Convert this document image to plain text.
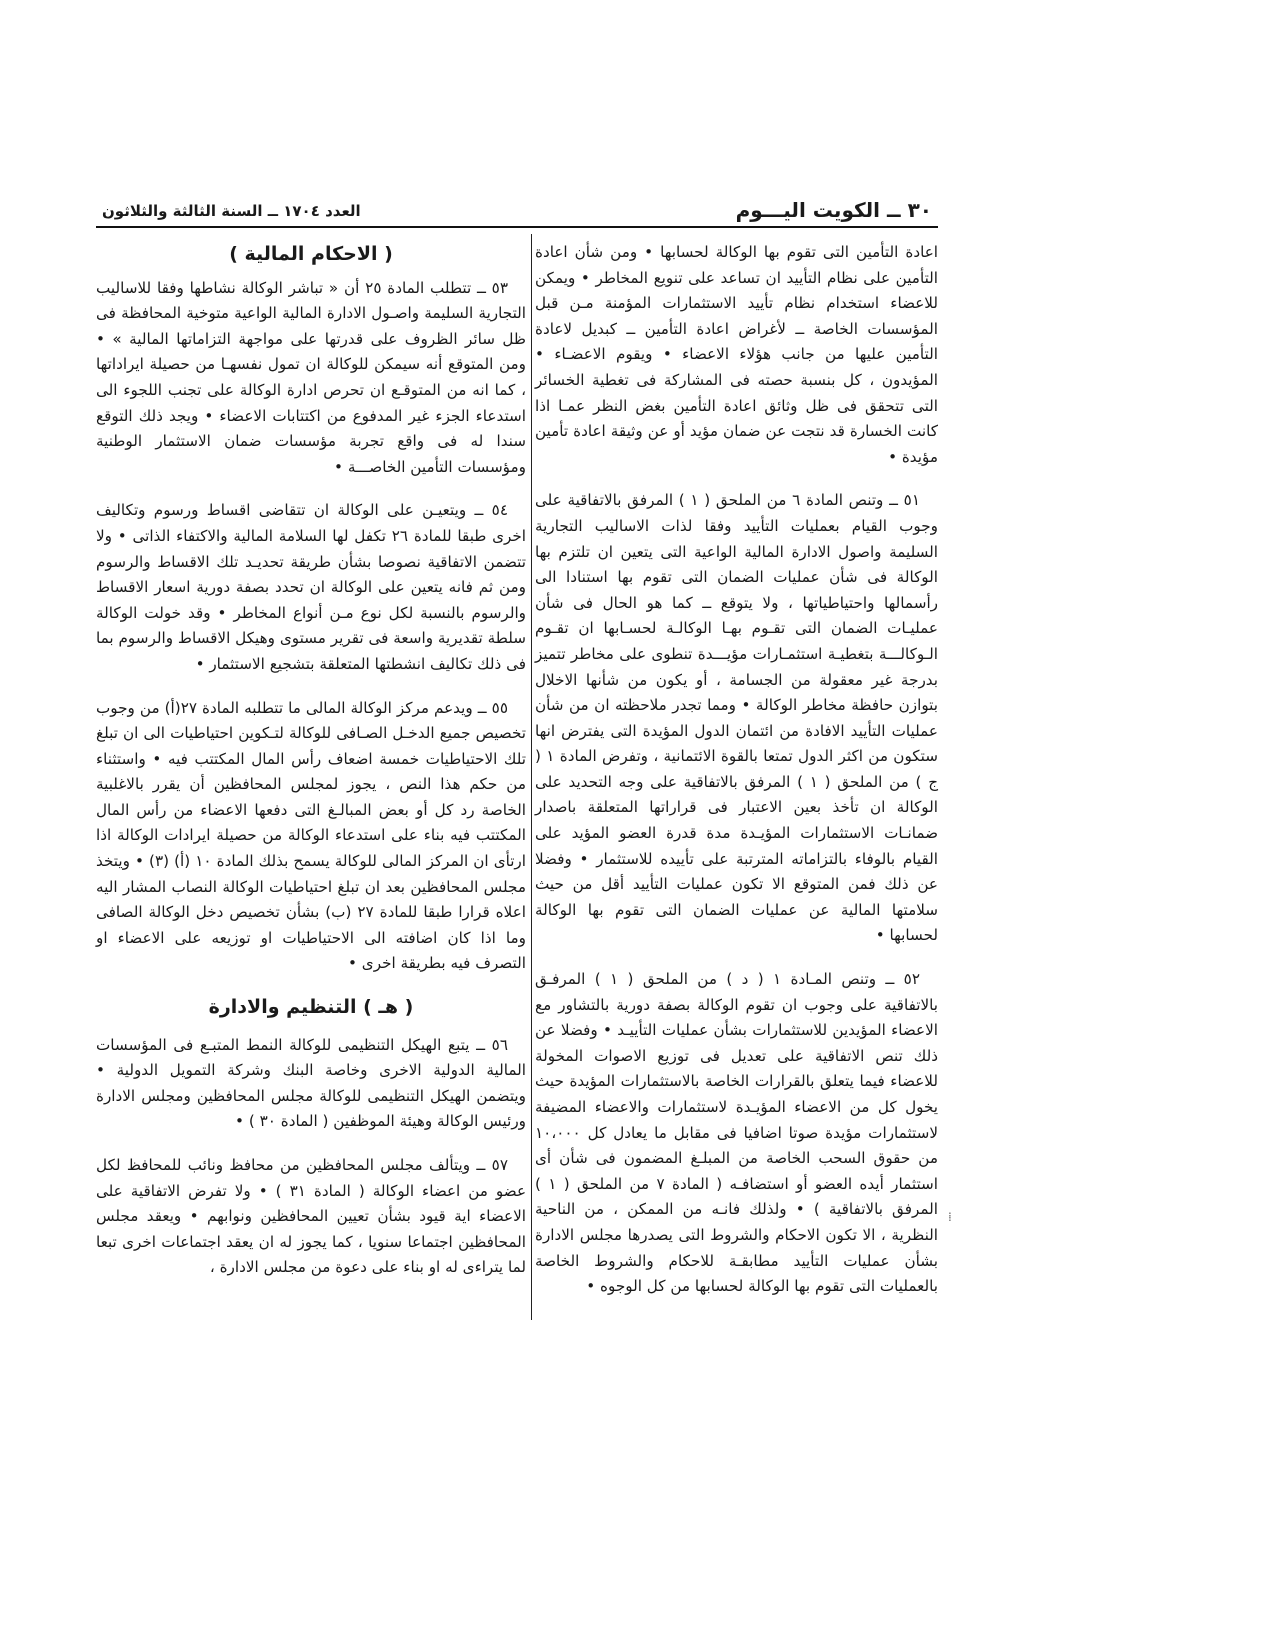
٣٠ ــ الكويت اليـــوم
العدد ١٧٠٤ ــ السنة الثالثة والثلاثون

اعادة التأمين التى تقوم بها الوكالة لحسابها • ومن شأن اعادة التأمين على نظام التأييد ان تساعد على تنويع المخاطر • ويمكن للاعضاء استخدام نظام تأييد الاستثمارات المؤمنة مـن قبل المؤسسات الخاصة ــ لأغراض اعادة التأمين ــ كبديل لاعادة التأمين عليها من جانب هؤلاء الاعضاء • ويقوم الاعضـاء • المؤيدون ، كل بنسبة حصته فى المشاركة فى تغطية الخسائر التى تتحقق فى ظل وثائق اعادة التأمين بغض النظر عمـا اذا كانت الخسارة قد نتجت عن ضمان مؤيد أو عن وثيقة اعادة تأمين مؤيدة •

٥١ ــ وتنص المادة ٦ من الملحق ( ١ ) المرفق بالاتفاقية على وجوب القيام بعمليات التأييد وفقا لذات الاساليب التجارية السليمة واصول الادارة المالية الواعية التى يتعين ان تلتزم بها الوكالة فى شأن عمليات الضمان التى تقوم بها استنادا الى رأسمالها واحتياطياتها ، ولا يتوقع ــ كما هو الحال فى شأن عمليـات الضمان التى تقـوم بهـا الوكالـة لحسـابها ان تقـوم الـوكالـــة بتغطيـة استثمـارات مؤيـــدة تنطوى على مخاطر تتميز بدرجة غير معقولة من الجسامة ، أو يكون من شأنها الاخلال بتوازن حافظة مخاطر الوكالة • ومما تجدر ملاحظته ان من شأن عمليات التأييد الافادة من ائتمان الدول المؤيدة التى يفترض انها ستكون من اكثر الدول تمتعا بالقوة الائتمانية ، وتفرض المادة ١ ( ج ) من الملحق ( ١ ) المرفق بالاتفاقية على وجه التحديد على الوكالة ان تأخذ بعين الاعتبار فى قراراتها المتعلقة باصدار ضمانـات الاستثمارات المؤيـدة مدة قدرة العضو المؤيد على القيام بالوفاء بالتزاماته المترتبة على تأييده للاستثمار • وفضلا عن ذلك فمن المتوقع الا تكون عمليات التأييد أقل من حيث سلامتها المالية عن عمليات الضمان التى تقوم بها الوكالة لحسابها •

٥٢ ــ وتنص المـادة ١ ( د ) من الملحق ( ١ ) المرفـق بالاتفاقية على وجوب ان تقوم الوكالة بصفة دورية بالتشاور مع الاعضاء المؤيدين للاستثمارات بشأن عمليات التأييـد • وفضلا عن ذلك تنص الاتفاقية على تعديل فى توزيع الاصوات المخولة للاعضاء فيما يتعلق بالقرارات الخاصة بالاستثمارات المؤيدة حيث يخول كل من الاعضاء المؤيـدة لاستثمارات والاعضاء المضيفة لاستثمارات مؤيدة صوتا اضافيا فى مقابل ما يعادل كل ١٠،٠٠٠ من حقوق السحب الخاصة من المبلـغ المضمون فى شأن أى استثمار أيده العضو أو استضافـه ( المادة ٧ من الملحق ( ١ ) المرفق بالاتفاقية ) • ولذلك فانـه من الممكن ، من الناحية النظرية ، الا تكون الاحكام والشروط التى يصدرها مجلس الادارة بشأن عمليات التأييد مطابقـة للاحكام والشروط الخاصة بالعمليات التى تقوم بها الوكالة لحسابها من كل الوجوه •

( الاحكام المالية )

٥٣ ــ تتطلب المادة ٢٥ أن « تباشر الوكالة نشاطها وفقا للاساليب التجارية السليمة واصـول الادارة المالية الواعية متوخية المحافظة فى ظل سائر الظروف على قدرتها على مواجهة التزاماتها المالية » • ومن المتوقع أنه سيمكن للوكالة ان تمول نفسهـا من حصيلة ايراداتها ، كما انه من المتوقـع ان تحرص ادارة الوكالة على تجنب اللجوء الى استدعاء الجزء غير المدفوع من اكتتابات الاعضاء • ويجد ذلك التوقع سندا له فى واقع تجربة مؤسسات ضمان الاستثمار الوطنية ومؤسسات التأمين الخاصـــة •

٥٤ ــ ويتعيـن على الوكالة ان تتقاضى اقساط ورسوم وتكاليف اخرى طبقا للمادة ٢٦ تكفل لها السلامة المالية والاكتفاء الذاتى • ولا تتضمن الاتفاقية نصوصا بشأن طريقة تحديـد تلك الاقساط والرسوم ومن ثم فانه يتعين على الوكالة ان تحدد بصفة دورية اسعار الاقساط والرسوم بالنسبة لكل نوع مـن أنواع المخاطر • وقد خولت الوكالة سلطة تقديرية واسعة فى تقرير مستوى وهيكل الاقساط والرسوم بما فى ذلك تكاليف انشطتها المتعلقة بتشجيع الاستثمار •

٥٥ ــ ويدعم مركز الوكالة المالى ما تتطلبه المادة ٢٧(أ) من وجوب تخصيص جميع الدخـل الصـافى للوكالة لتـكوين احتياطيات الى ان تبلغ تلك الاحتياطيات خمسة اضعاف رأس المال المكتتب فيه • واستثناء من حكم هذا النص ، يجوز لمجلس المحافظين أن يقرر بالاغلبية الخاصة رد كل أو بعض المبالـغ التى دفعها الاعضاء من رأس المال المكتتب فيه بناء على استدعاء الوكالة من حصيلة ايرادات الوكالة اذا ارتأى ان المركز المالى للوكالة يسمح بذلك المادة ١٠ (أ) (٣) • ويتخذ مجلس المحافظين بعد ان تبلغ احتياطيات الوكالة النصاب المشار اليه اعلاه قرارا طبقا للمادة ٢٧ (ب) بشأن تخصيص دخل الوكالة الصافى وما اذا كان اضافته الى الاحتياطيات او توزيعه على الاعضاء او التصرف فيه بطريقة اخرى •

( هـ ) التنظيم والادارة

٥٦ ــ يتبع الهيكل التنظيمى للوكالة النمط المتبـع فى المؤسسات المالية الدولية الاخرى وخاصة البنك وشركة التمويل الدولية • ويتضمن الهيكل التنظيمى للوكالة مجلس المحافظين ومجلس الادارة ورئيس الوكالة وهيئة الموظفين ( المادة ٣٠ ) •

٥٧ ــ ويتألف مجلس المحافظين من محافظ ونائب للمحافظ لكل عضو من اعضاء الوكالة ( المادة ٣١ ) • ولا تفرض الاتفاقية على الاعضاء اية قيود بشأن تعيين المحافظين ونوابهم • ويعقد مجلس المحافظين اجتماعا سنويا ، كما يجوز له ان يعقد اجتماعات اخرى تبعا لما يتراءى له او بناء على دعوة من مجلس الادارة ،

⁞
